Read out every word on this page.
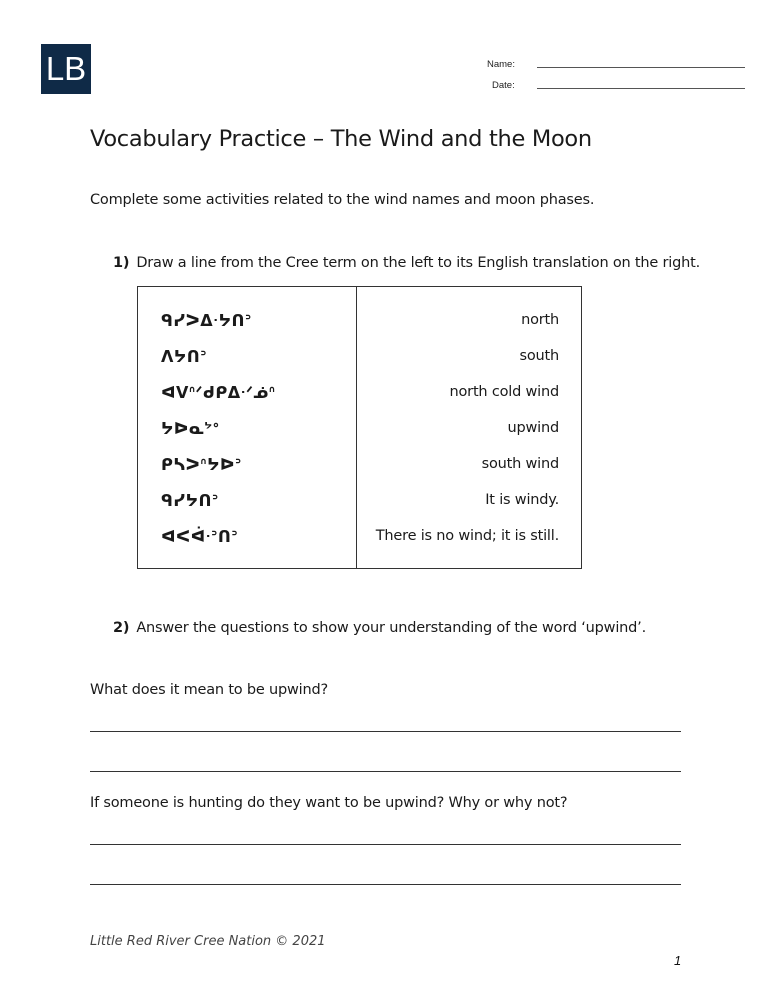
LB	Name:
Date:
Vocabulary Practice – The Wind and the Moon
Complete some activities related to the wind names and moon phases.
1) Draw a line from the Cree term on the left to its English translation on the right.
ᑫᓯᐳᐃᐧᔭᑎᐣ
ᐱᔭᑎᐣ
ᐊᐯᐢᐟᑯᑭᐃᐧᐟᓅᐢ
ᔭᐅᓇᔾᐤ
ᑭᓴᐳᐢᔭᐅᐣ
ᑫᓯᔭᑎᐣ
ᐊᐸᐋᐧᐣᑎᐣ
north
south
north cold wind
upwind
south wind
It is windy.
There is no wind; it is still.
2) Answer the questions to show your understanding of the word ‘upwind’.
What does it mean to be upwind?
If someone is hunting do they want to be upwind? Why or why not?
Little Red River Cree Nation © 2021
1
